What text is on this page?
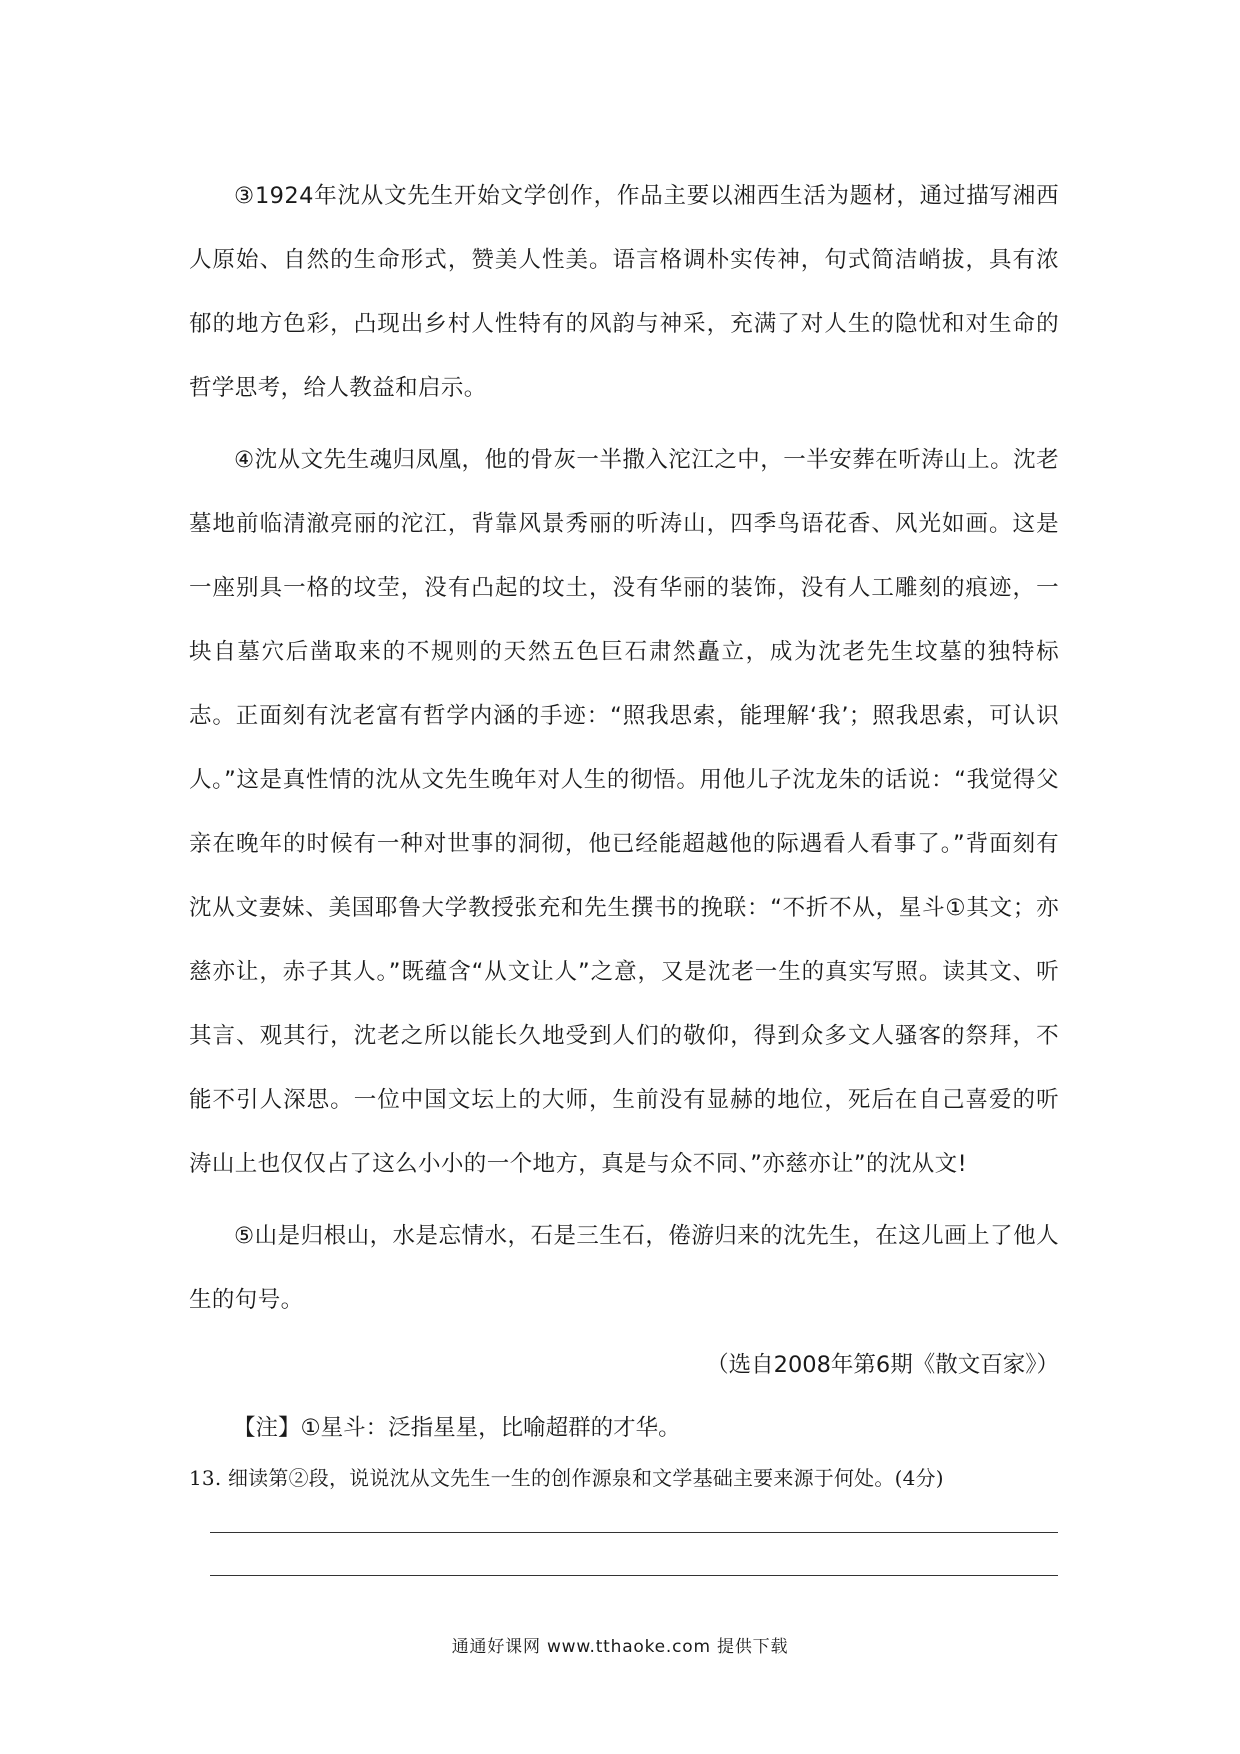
③1924年沈从文先生开始文学创作，作品主要以湘西生活为题材，通过描写湘西人原始、自然的生命形式，赞美人性美。语言格调朴实传神，句式简洁峭拔，具有浓郁的地方色彩，凸现出乡村人性特有的风韵与神采，充满了对人生的隐忧和对生命的哲学思考，给人教益和启示。

④沈从文先生魂归凤凰，他的骨灰一半撒入沱江之中，一半安葬在听涛山上。沈老墓地前临清澈亮丽的沱江，背靠风景秀丽的听涛山，四季鸟语花香、风光如画。这是一座别具一格的坟茔，没有凸起的坟土，没有华丽的装饰，没有人工雕刻的痕迹，一块自墓穴后凿取来的不规则的天然五色巨石肃然矗立，成为沈老先生坟墓的独特标志。正面刻有沈老富有哲学内涵的手迹：“照我思索，能理解‘我’；照我思索，可认识人。”这是真性情的沈从文先生晚年对人生的彻悟。用他儿子沈龙朱的话说：“我觉得父亲在晚年的时候有一种对世事的洞彻，他已经能超越他的际遇看人看事了。”背面刻有沈从文妻妹、美国耶鲁大学教授张充和先生撰书的挽联：“不折不从，星斗①其文；亦慈亦让，赤子其人。”既蕴含“从文让人”之意，又是沈老一生的真实写照。读其文、听其言、观其行，沈老之所以能长久地受到人们的敬仰，得到众多文人骚客的祭拜，不能不引人深思。一位中国文坛上的大师，生前没有显赫的地位，死后在自己喜爱的听涛山上也仅仅占了这么小小的一个地方，真是与众不同、”亦慈亦让”的沈从文!

⑤山是归根山，水是忘情水，石是三生石，倦游归来的沈先生，在这儿画上了他人生的句号。

（选自2008年第6期《散文百家》）
【注】①星斗：泛指星星，比喻超群的才华。
13. 细读第②段，说说沈从文先生一生的创作源泉和文学基础主要来源于何处。(4分)
通通好课网 www.tthaoke.com 提供下载
